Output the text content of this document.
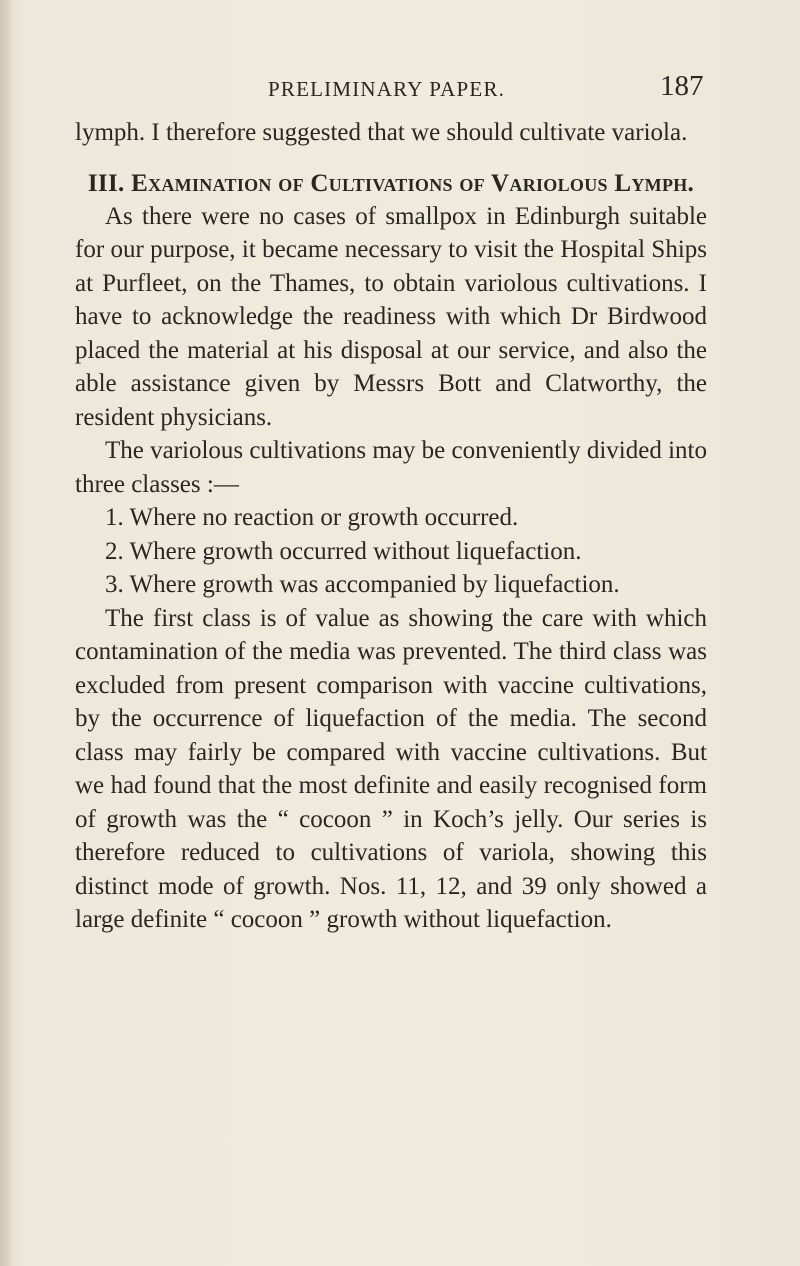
PRELIMINARY PAPER.	187

lymph. I therefore suggested that we should cultivate variola.

III. Examination of Cultivations of Variolous Lymph.

As there were no cases of smallpox in Edinburgh suitable for our purpose, it became necessary to visit the Hospital Ships at Purfleet, on the Thames, to obtain variolous cultivations. I have to acknowledge the readiness with which Dr Birdwood placed the material at his disposal at our service, and also the able assistance given by Messrs Bott and Clatworthy, the resident physicians.

The variolous cultivations may be conveniently divided into three classes :—

1. Where no reaction or growth occurred.
2. Where growth occurred without liquefaction.
3. Where growth was accompanied by liquefaction.

The first class is of value as showing the care with which contamination of the media was prevented. The third class was excluded from present comparison with vaccine cultivations, by the occurrence of liquefaction of the media. The second class may fairly be compared with vaccine cultivations. But we had found that the most definite and easily recognised form of growth was the “ cocoon ” in Koch’s jelly. Our series is therefore reduced to cultivations of variola, showing this distinct mode of growth. Nos. 11, 12, and 39 only showed a large definite “ cocoon ” growth without liquefaction.
